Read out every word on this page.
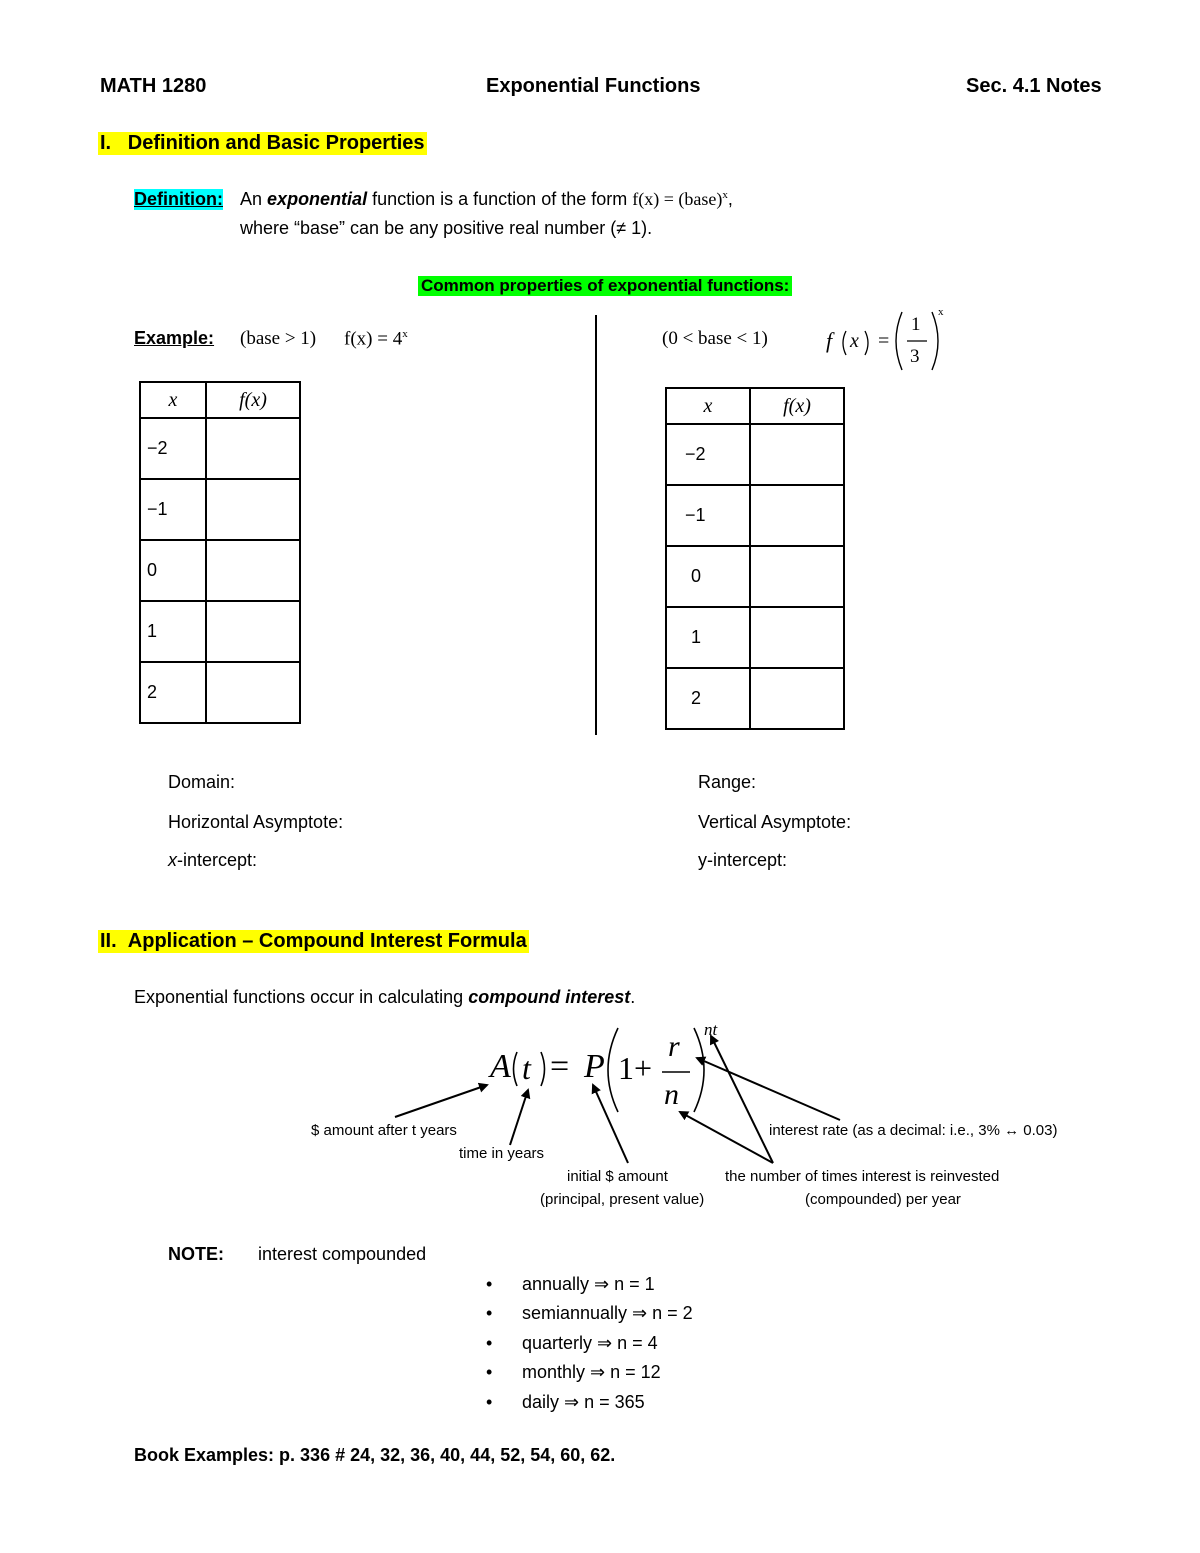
MATH 1280	Exponential Functions	Sec. 4.1 Notes
I. Definition and Basic Properties
Definition: An exponential function is a function of the form f(x) = (base)$^x$,
where “base” can be any positive real number (≠ 1).
Common properties of exponential functions:
Example: (base > 1) $f(x) = 4^x$	(0 < base < 1)	f x =
1
3
x
x	f(x)
−2	
−1	
0	
1	
2	
x	f(x)
−2	
−1	
0	
1	
2	
Domain:	Range:
Horizontal Asymptote:	Vertical Asymptote:
x-intercept:	y-intercept:
II. Application – Compound Interest Formula
Exponential functions occur in calculating compound interest.
A t = P 1+
r
n
nt
$ amount after t years
time in years
initial $ amount
(principal, present value)
interest rate (as a decimal: i.e., 3% ↔ 0.03)
the number of times interest is reinvested
(compounded) per year
NOTE: interest compounded
• annually ⇒ n = 1
• semiannually ⇒ n = 2
• quarterly ⇒ n = 4
• monthly ⇒ n = 12
• daily ⇒ n = 365
Book Examples: p. 336 # 24, 32, 36, 40, 44, 52, 54, 60, 62.
